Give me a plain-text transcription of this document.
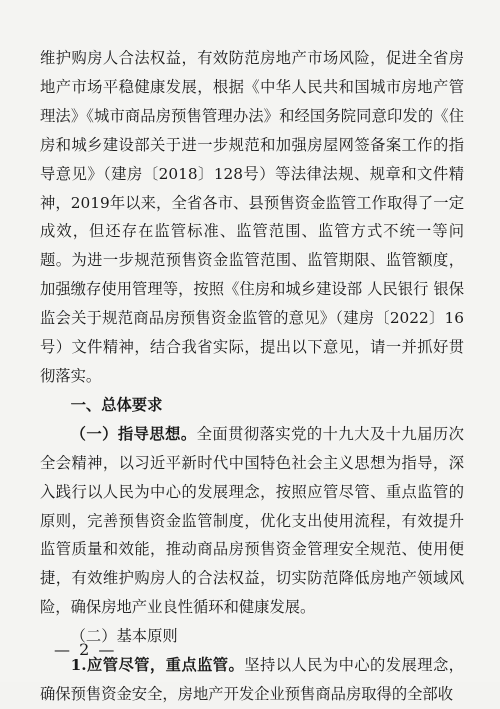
维护购房人合法权益，有效防范房地产市场风险，促进全省房地产市场平稳健康发展，根据《中华人民共和国城市房地产管理法》《城市商品房预售管理办法》和经国务院同意印发的《住房和城乡建设部关于进一步规范和加强房屋网签备案工作的指导意见》（建房〔2018〕128号）等法律法规、规章和文件精神，2019年以来，全省各市、县预售资金监管工作取得了一定成效，但还存在监管标准、监管范围、监管方式不统一等问题。为进一步规范预售资金监管范围、监管期限、监管额度，加强缴存使用管理等，按照《住房和城乡建设部 人民银行 银保监会关于规范商品房预售资金监管的意见》（建房〔2022〕16号）文件精神，结合我省实际，提出以下意见，请一并抓好贯彻落实。

一、总体要求

（一）指导思想。全面贯彻落实党的十九大及十九届历次全会精神，以习近平新时代中国特色社会主义思想为指导，深入践行以人民为中心的发展理念，按照应管尽管、重点监管的原则，完善预售资金监管制度，优化支出使用流程，有效提升监管质量和效能，推动商品房预售资金管理安全规范、使用便捷，有效维护购房人的合法权益，切实防范降低房地产领域风险，确保房地产业良性循环和健康发展。

（二）基本原则

1.应管尽管，重点监管。坚持以人民为中心的发展理念，确保预售资金安全，房地产开发企业预售商品房取得的全部收

— 2 —
